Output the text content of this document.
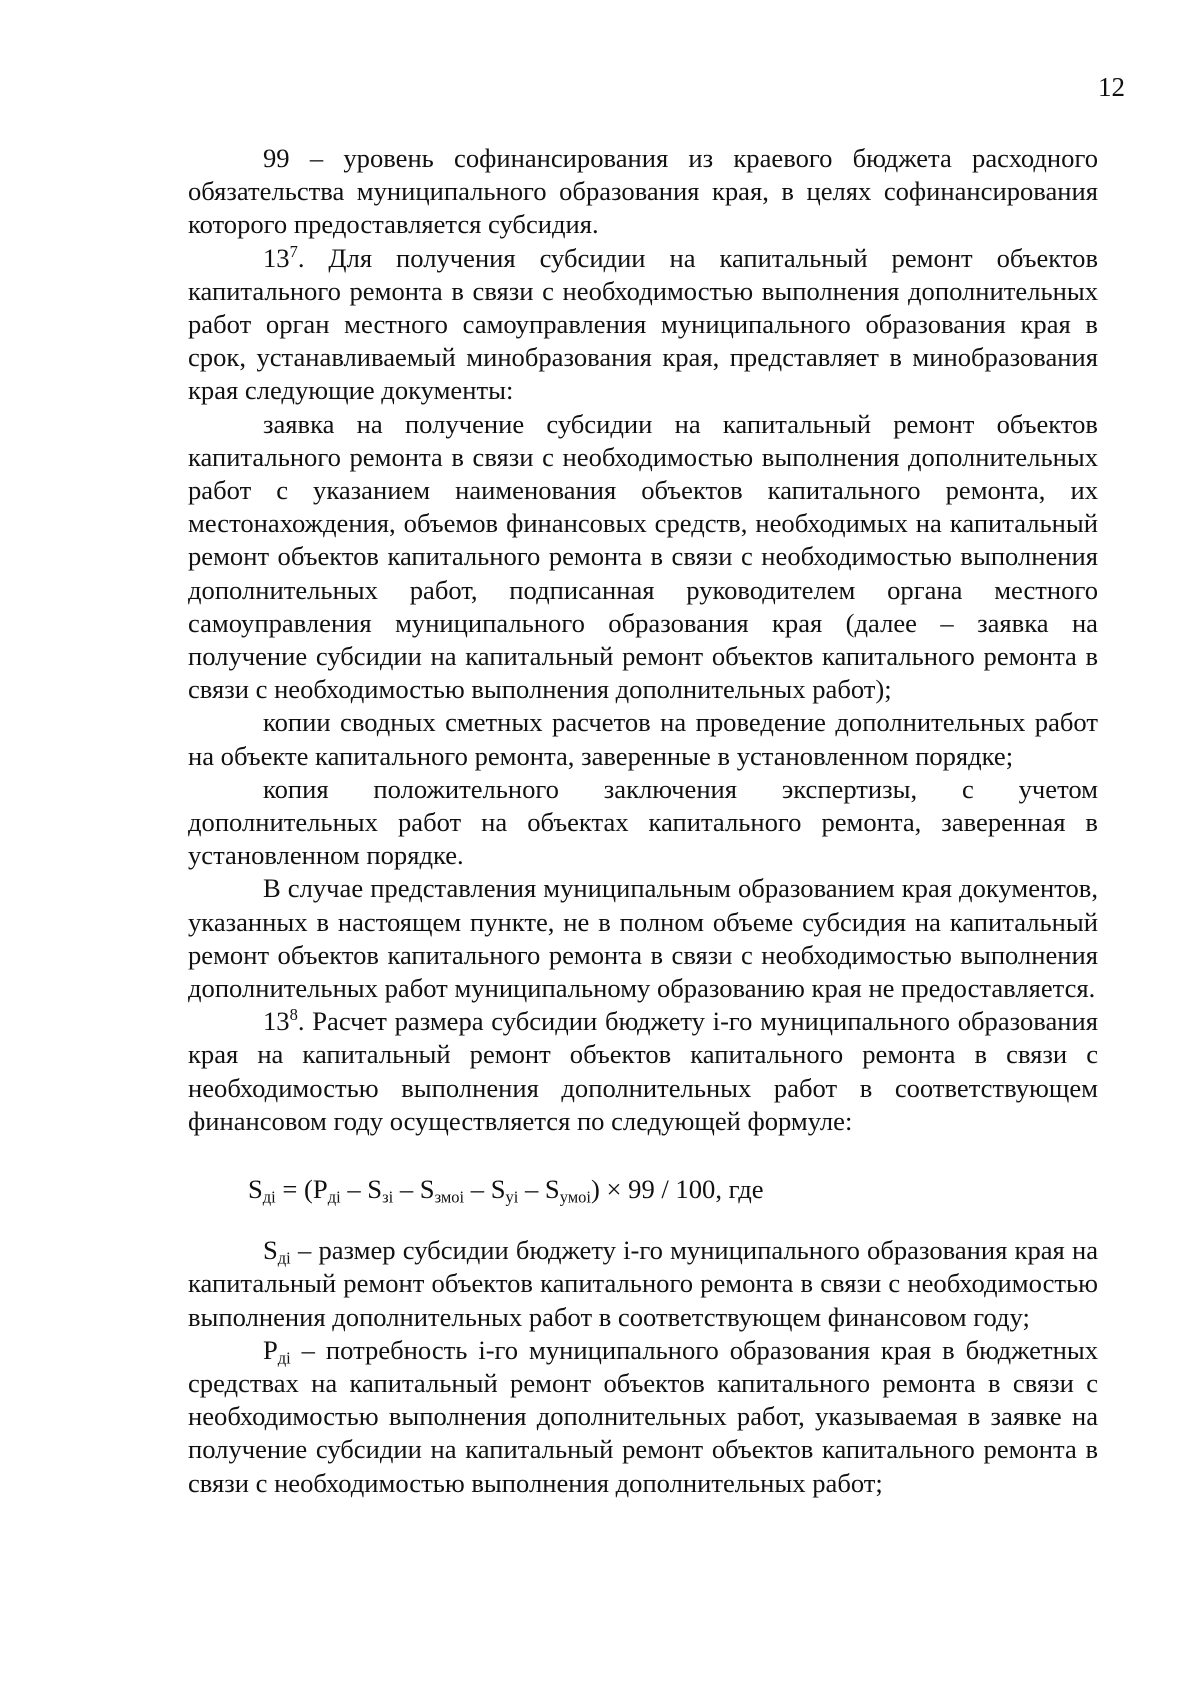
12

99 – уровень софинансирования из краевого бюджета расходного обязательства муниципального образования края, в целях софинансирования которого предоставляется субсидия.

$13^7$. Для получения субсидии на капитальный ремонт объектов капитального ремонта в связи с необходимостью выполнения дополнительных работ орган местного самоуправления муниципального образования края в срок, устанавливаемый минобразования края, представляет в минобразования края следующие документы:

заявка на получение субсидии на капитальный ремонт объектов капитального ремонта в связи с необходимостью выполнения дополнительных работ с указанием наименования объектов капитального ремонта, их местонахождения, объемов финансовых средств, необходимых на капитальный ремонт объектов капитального ремонта в связи с необходимостью выполнения дополнительных работ, подписанная руководителем органа местного самоуправления муниципального образования края (далее – заявка на получение субсидии на капитальный ремонт объектов капитального ремонта в связи с необходимостью выполнения дополнительных работ);

копии сводных сметных расчетов на проведение дополнительных работ на объекте капитального ремонта, заверенные в установленном порядке;

копия положительного заключения экспертизы, с учетом дополнительных работ на объектах капитального ремонта, заверенная в установленном порядке.

В случае представления муниципальным образованием края документов, указанных в настоящем пункте, не в полном объеме субсидия на капитальный ремонт объектов капитального ремонта в связи с необходимостью выполнения дополнительных работ муниципальному образованию края не предоставляется.

$13^8$. Расчет размера субсидии бюджету i-го муниципального образования края на капитальный ремонт объектов капитального ремонта в связи с необходимостью выполнения дополнительных работ в соответствующем финансовом году осуществляется по следующей формуле:

$S_{дi} = (P_{дi} - S_{зi} - S_{змоi} - S_{уi} - S_{умоi}) \times 99 / 100$, где

$S_{дi}$ – размер субсидии бюджету i-го муниципального образования края на капитальный ремонт объектов капитального ремонта в связи с необходимостью выполнения дополнительных работ в соответствующем финансовом году;

$P_{дi}$ – потребность i-го муниципального образования края в бюджетных средствах на капитальный ремонт объектов капитального ремонта в связи с необходимостью выполнения дополнительных работ, указываемая в заявке на получение субсидии на капитальный ремонт объектов капитального ремонта в связи с необходимостью выполнения дополнительных работ;
